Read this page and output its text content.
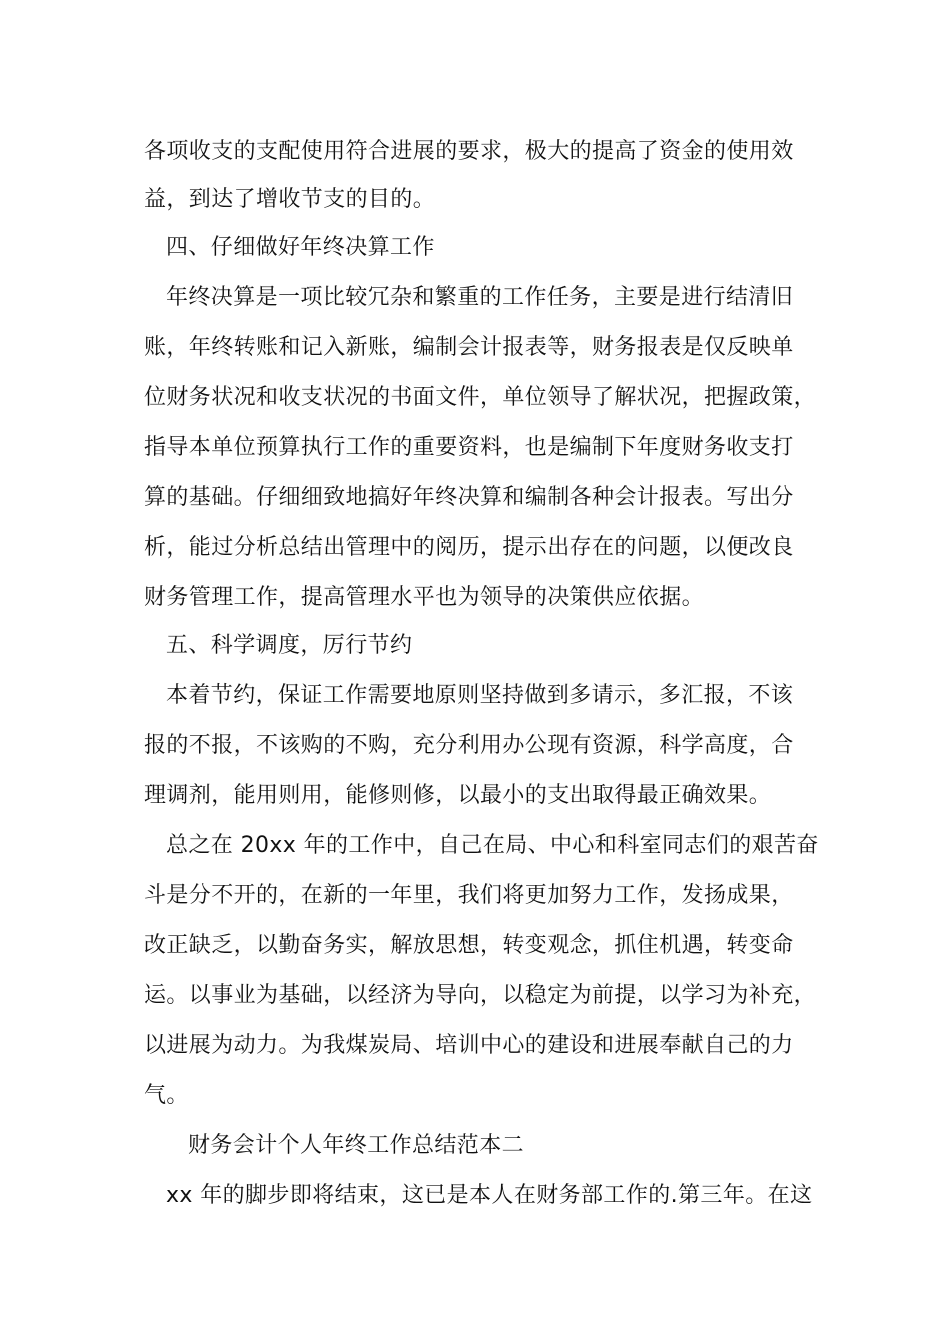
各项收支的支配使用符合进展的要求，极大的提高了资金的使用效
益，到达了增收节支的目的。
四、仔细做好年终决算工作
年终决算是一项比较冗杂和繁重的工作任务，主要是进行结清旧
账，年终转账和记入新账，编制会计报表等，财务报表是仅反映单
位财务状况和收支状况的书面文件，单位领导了解状况，把握政策，
指导本单位预算执行工作的重要资料，也是编制下年度财务收支打
算的基础。仔细细致地搞好年终决算和编制各种会计报表。写出分
析，能过分析总结出管理中的阅历，提示出存在的问题，以便改良
财务管理工作，提高管理水平也为领导的决策供应依据。
五、科学调度，厉行节约
本着节约，保证工作需要地原则坚持做到多请示，多汇报，不该
报的不报，不该购的不购，充分利用办公现有资源，科学高度，合
理调剂，能用则用，能修则修，以最小的支出取得最正确效果。
总之在 20xx 年的工作中，自己在局、中心和科室同志们的艰苦奋
斗是分不开的，在新的一年里，我们将更加努力工作，发扬成果，
改正缺乏，以勤奋务实，解放思想，转变观念，抓住机遇，转变命
运。以事业为基础，以经济为导向，以稳定为前提，以学习为补充，
以进展为动力。为我煤炭局、培训中心的建设和进展奉献自己的力
气。
财务会计个人年终工作总结范本二
xx 年的脚步即将结束，这已是本人在财务部工作的.第三年。在这
